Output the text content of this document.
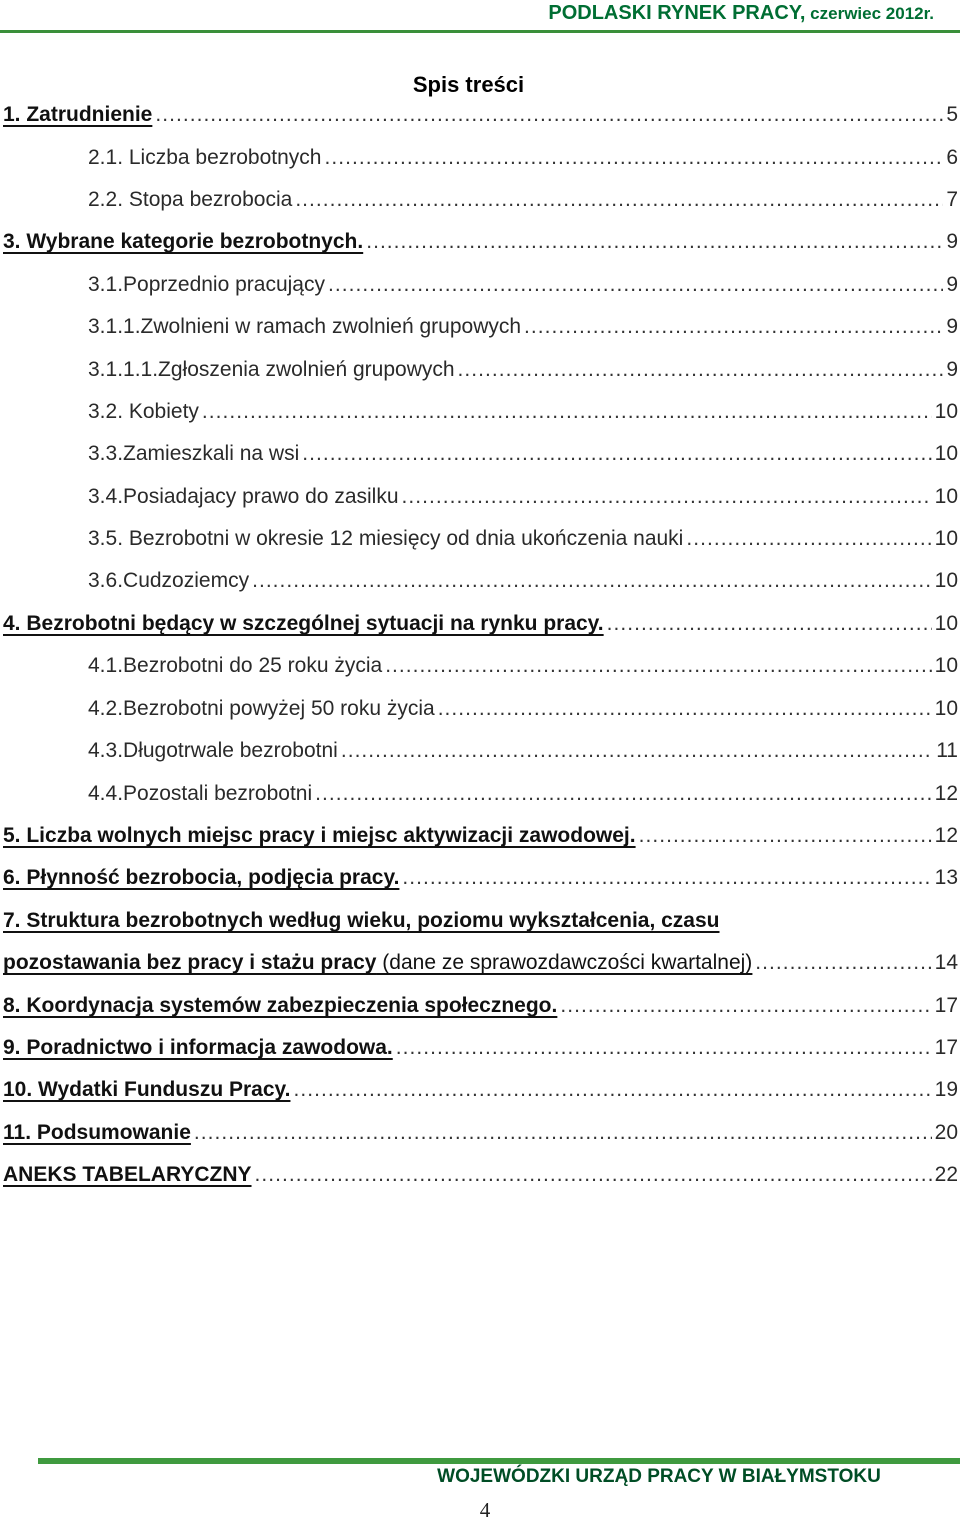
PODLASKI RYNEK PRACY, czerwiec 2012r.
Spis treści
1. Zatrudnienie . . .	5
2.1. Liczba bezrobotnych . . .	6
2.2. Stopa bezrobocia . . .	7
3. Wybrane kategorie bezrobotnych. . . .	9
3.1.Poprzednio pracujący . . .	9
3.1.1.Zwolnieni w ramach zwolnień grupowych . . .	9
3.1.1.1.Zgłoszenia zwolnień grupowych . . .	9
3.2. Kobiety . . .	10
3.3.Zamieszkali na wsi . . .	10
3.4.Posiadajacy prawo do zasilku . . .	10
3.5. Bezrobotni w okresie 12 miesięcy od dnia ukończenia nauki . . .	10
3.6.Cudzoziemcy . . .	10
4. Bezrobotni będący w szczególnej sytuacji na rynku pracy. . . .	10
4.1.Bezrobotni do 25 roku życia . . .	10
4.2.Bezrobotni powyżej 50 roku życia . . .	10
4.3.Długotrwale bezrobotni . . .	11
4.4.Pozostali bezrobotni . . .	12
5. Liczba wolnych miejsc pracy i miejsc aktywizacji zawodowej. . . .	12
6. Płynność bezrobocia, podjęcia pracy. . . .	13
7. Struktura bezrobotnych według wieku, poziomu wykształcenia, czasu
pozostawania bez pracy i stażu pracy (dane ze sprawozdawczości kwartalnej) . . .	14
8. Koordynacja systemów zabezpieczenia społecznego. . . .	17
9. Poradnictwo i informacja zawodowa. . . .	17
10. Wydatki Funduszu Pracy. . . .	19
11. Podsumowanie . . .	20
ANEKS TABELARYCZNY . . .	22
WOJEWÓDZKI URZĄD PRACY W BIAŁYMSTOKU
4
